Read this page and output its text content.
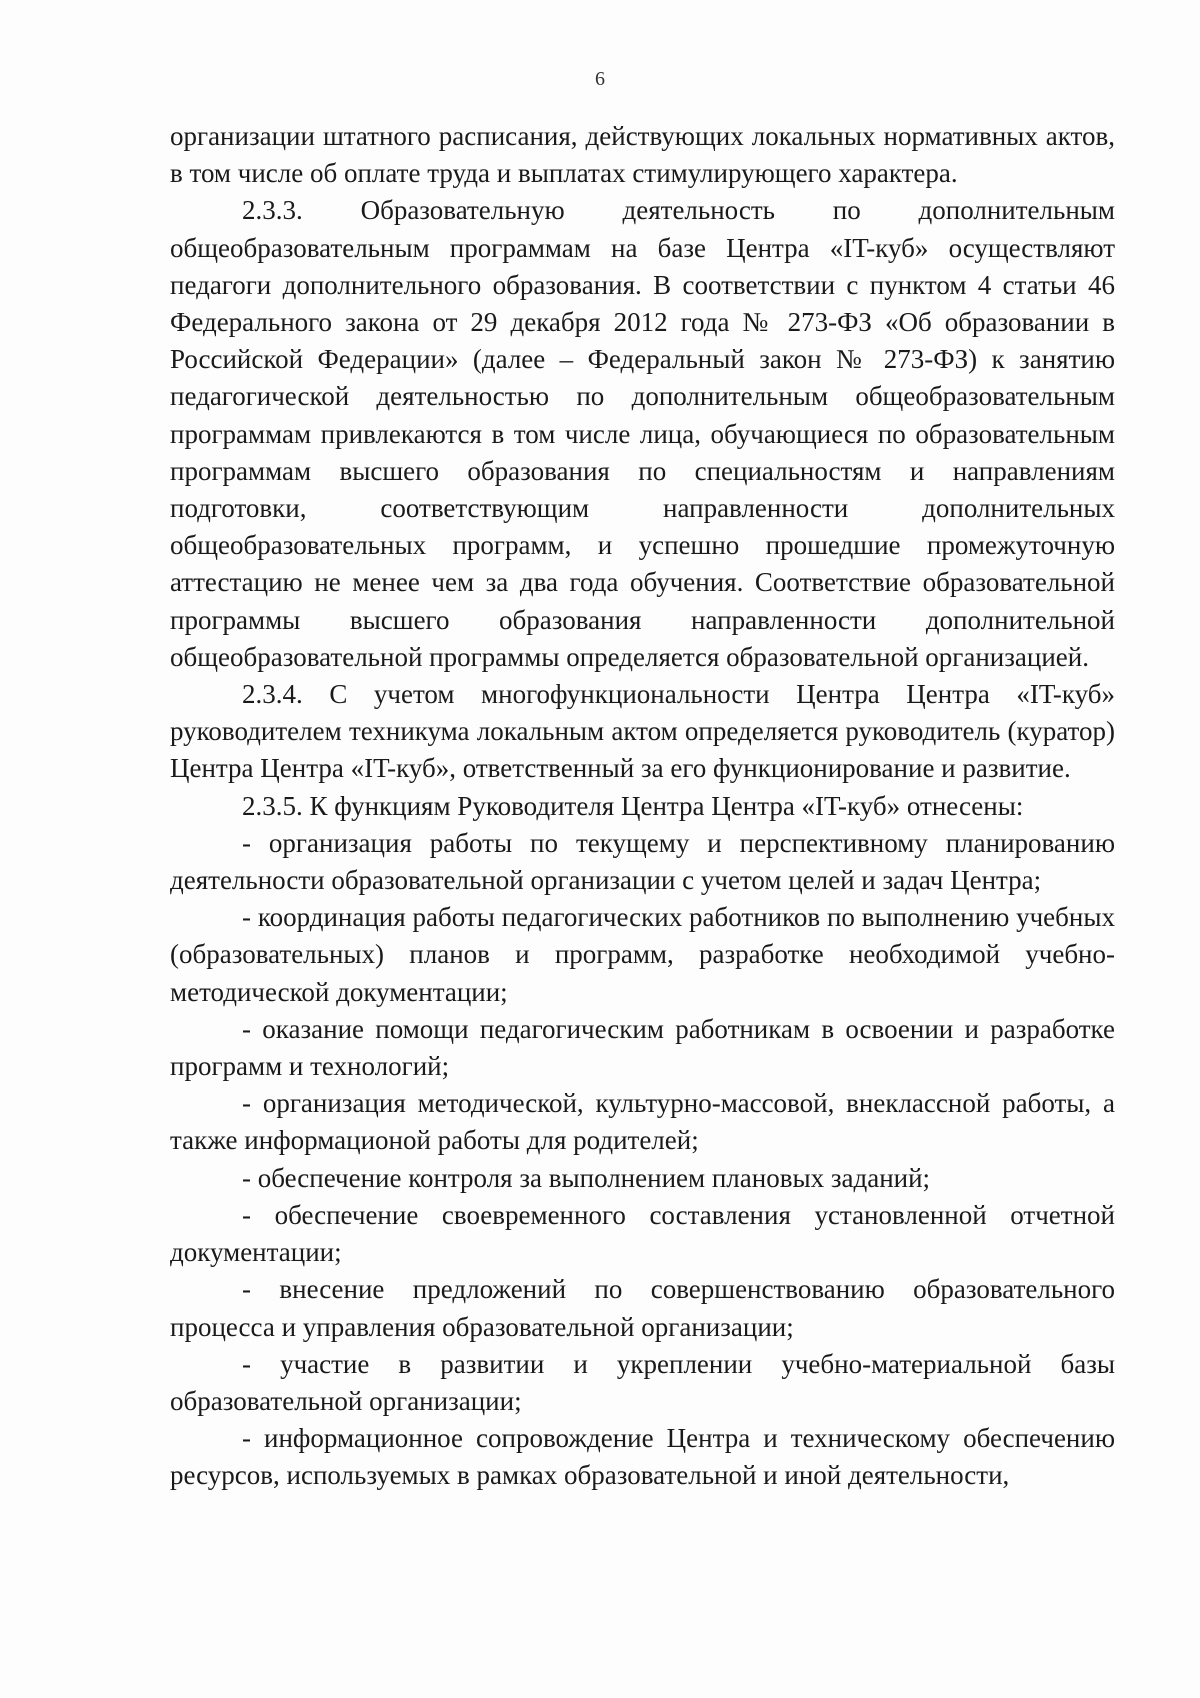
6

организации штатного расписания, действующих локальных нормативных актов, в том числе об оплате труда и выплатах стимулирующего характера.

2.3.3. Образовательную деятельность по дополнительным общеобразовательным программам на базе Центра «IT-куб» осуществляют педагоги дополнительного образования. В соответствии с пунктом 4 статьи 46 Федерального закона от 29 декабря 2012 года № 273-ФЗ «Об образовании в Российской Федерации» (далее – Федеральный закон № 273-ФЗ) к занятию педагогической деятельностью по дополнительным общеобразовательным программам привлекаются в том числе лица, обучающиеся по образовательным программам высшего образования по специальностям и направлениям подготовки, соответствующим направленности дополнительных общеобразовательных программ, и успешно прошедшие промежуточную аттестацию не менее чем за два года обучения. Соответствие образовательной программы высшего образования направленности дополнительной общеобразовательной программы определяется образовательной организацией.

2.3.4. С учетом многофункциональности Центра Центра «IT-куб» руководителем техникума локальным актом определяется руководитель (куратор) Центра Центра «IT-куб», ответственный за его функционирование и развитие.

2.3.5. К функциям Руководителя Центра Центра «IT-куб» отнесены:

- организация работы по текущему и перспективному планированию деятельности образовательной организации с учетом целей и задач Центра;

- координация работы педагогических работников по выполнению учебных (образовательных) планов и программ, разработке необходимой учебно-методической документации;

- оказание помощи педагогическим работникам в освоении и разработке программ и технологий;

- организация методической, культурно-массовой, внеклассной работы, а также информационой работы для родителей;

- обеспечение контроля за выполнением плановых заданий;

- обеспечение своевременного составления установленной отчетной документации;

- внесение предложений по совершенствованию образовательного процесса и управления образовательной организации;

- участие в развитии и укреплении учебно-материальной базы образовательной организации;

- информационное сопровождение Центра и техническому обеспечению ресурсов, используемых в рамках образовательной и иной деятельности,
